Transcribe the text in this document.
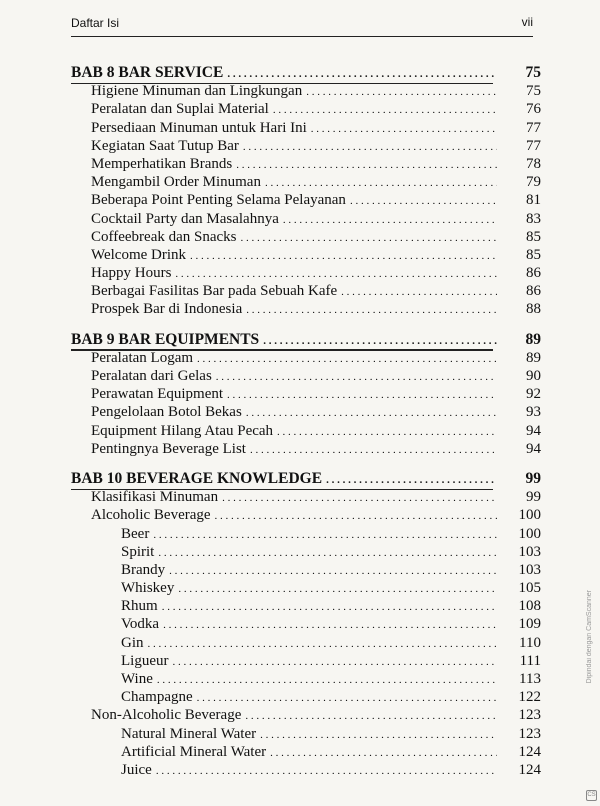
Daftar Isi	vii
BAB 8 BAR SERVICE . . .	75
Higiene Minuman dan Lingkungan . . .	75
Peralatan dan Suplai Material . . .	76
Persediaan Minuman untuk Hari Ini . . .	77
Kegiatan Saat Tutup Bar . . .	77
Memperhatikan Brands . . .	78
Mengambil Order Minuman . . .	79
Beberapa Point Penting Selama Pelayanan . . .	81
Cocktail Party dan Masalahnya . . .	83
Coffeebreak dan Snacks . . .	85
Welcome Drink . . .	85
Happy Hours . . .	86
Berbagai Fasilitas Bar pada Sebuah Kafe . . .	86
Prospek Bar di Indonesia . . .	88
BAB 9 BAR EQUIPMENTS . . .	89
Peralatan Logam . . .	89
Peralatan dari Gelas . . .	90
Perawatan Equipment . . .	92
Pengelolaan Botol Bekas . . .	93
Equipment Hilang Atau Pecah . . .	94
Pentingnya Beverage List . . .	94
BAB 10 BEVERAGE KNOWLEDGE . . .	99
Klasifikasi Minuman . . .	99
Alcoholic Beverage . . .	100
Beer . . .	100
Spirit . . .	103
Brandy . . .	103
Whiskey . . .	105
Rhum . . .	108
Vodka . . .	109
Gin . . .	110
Ligueur . . .	111
Wine . . .	113
Champagne . . .	122
Non-Alcoholic Beverage . . .	123
Natural Mineral Water . . .	123
Artificial Mineral Water . . .	124
Juice . . .	124
Dipindai dengan CamScanner
CS
